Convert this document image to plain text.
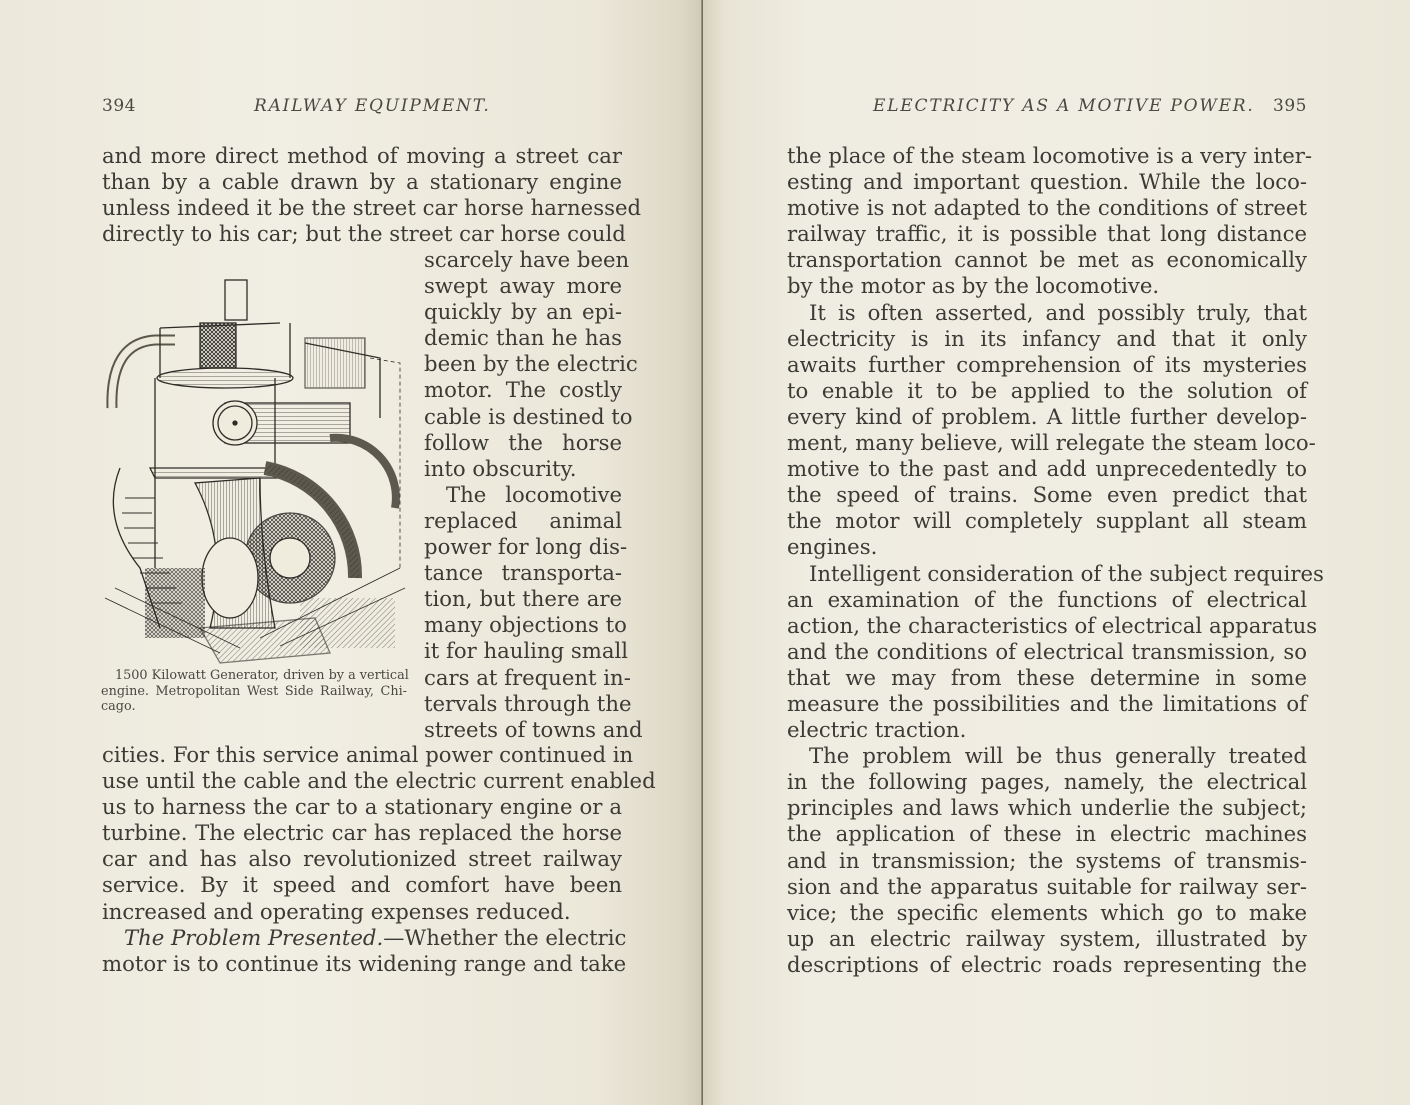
394	RAILWAY EQUIPMENT.
and more direct method of moving a street car
than by a cable drawn by a stationary engine
unless indeed it be the street car horse harnessed
directly to his car; but the street car horse could
scarcely have been
swept away more
quickly by an epi-
demic than he has
been by the electric
motor. The costly
cable is destined to
follow the horse
into obscurity.
The locomotive
replaced animal
power for long dis-
tance transporta-
tion, but there are
many objections to
it for hauling small
cars at frequent in-
tervals through the
streets of towns and
1500 Kilowatt Generator, driven by a vertical
engine. Metropolitan West Side Railway, Chi-
cago.
cities. For this service animal power continued in
use until the cable and the electric current enabled
us to harness the car to a stationary engine or a
turbine. The electric car has replaced the horse
car and has also revolutionized street railway
service. By it speed and comfort have been
increased and operating expenses reduced.
The Problem Presented.—Whether the electric
motor is to continue its widening range and take
ELECTRICITY AS A MOTIVE POWER. 395
the place of the steam locomotive is a very inter-
esting and important question. While the loco-
motive is not adapted to the conditions of street
railway traffic, it is possible that long distance
transportation cannot be met as economically
by the motor as by the locomotive.
It is often asserted, and possibly truly, that
electricity is in its infancy and that it only
awaits further comprehension of its mysteries
to enable it to be applied to the solution of
every kind of problem. A little further develop-
ment, many believe, will relegate the steam loco-
motive to the past and add unprecedentedly to
the speed of trains. Some even predict that
the motor will completely supplant all steam
engines.
Intelligent consideration of the subject requires
an examination of the functions of electrical
action, the characteristics of electrical apparatus
and the conditions of electrical transmission, so
that we may from these determine in some
measure the possibilities and the limitations of
electric traction.
The problem will be thus generally treated
in the following pages, namely, the electrical
principles and laws which underlie the subject;
the application of these in electric machines
and in transmission; the systems of transmis-
sion and the apparatus suitable for railway ser-
vice; the specific elements which go to make
up an electric railway system, illustrated by
descriptions of electric roads representing the
